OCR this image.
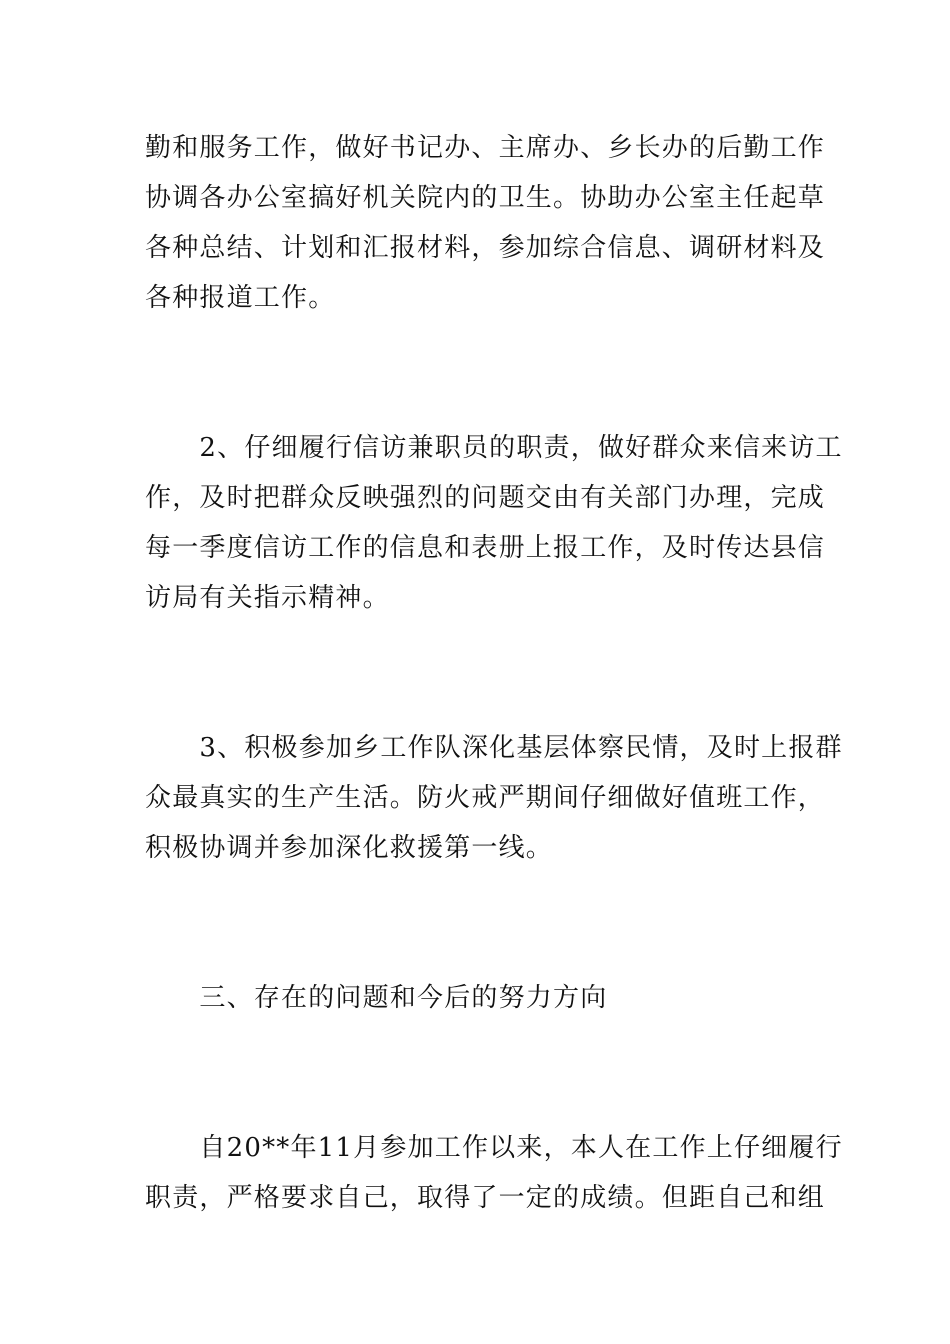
勤和服务工作，做好书记办、主席办、乡长办的后勤工作
协调各办公室搞好机关院内的卫生。协助办公室主任起草
各种总结、计划和汇报材料，参加综合信息、调研材料及
各种报道工作。
　　2、仔细履行信访兼职员的职责，做好群众来信来访工
作，及时把群众反映强烈的问题交由有关部门办理，完成
每一季度信访工作的信息和表册上报工作，及时传达县信
访局有关指示精神。
　　3、积极参加乡工作队深化基层体察民情，及时上报群
众最真实的生产生活。防火戒严期间仔细做好值班工作，
积极协调并参加深化救援第一线。
　　三、存在的问题和今后的努力方向
　　自20**年11月参加工作以来，本人在工作上仔细履行
职责，严格要求自己，取得了一定的成绩。但距自己和组
